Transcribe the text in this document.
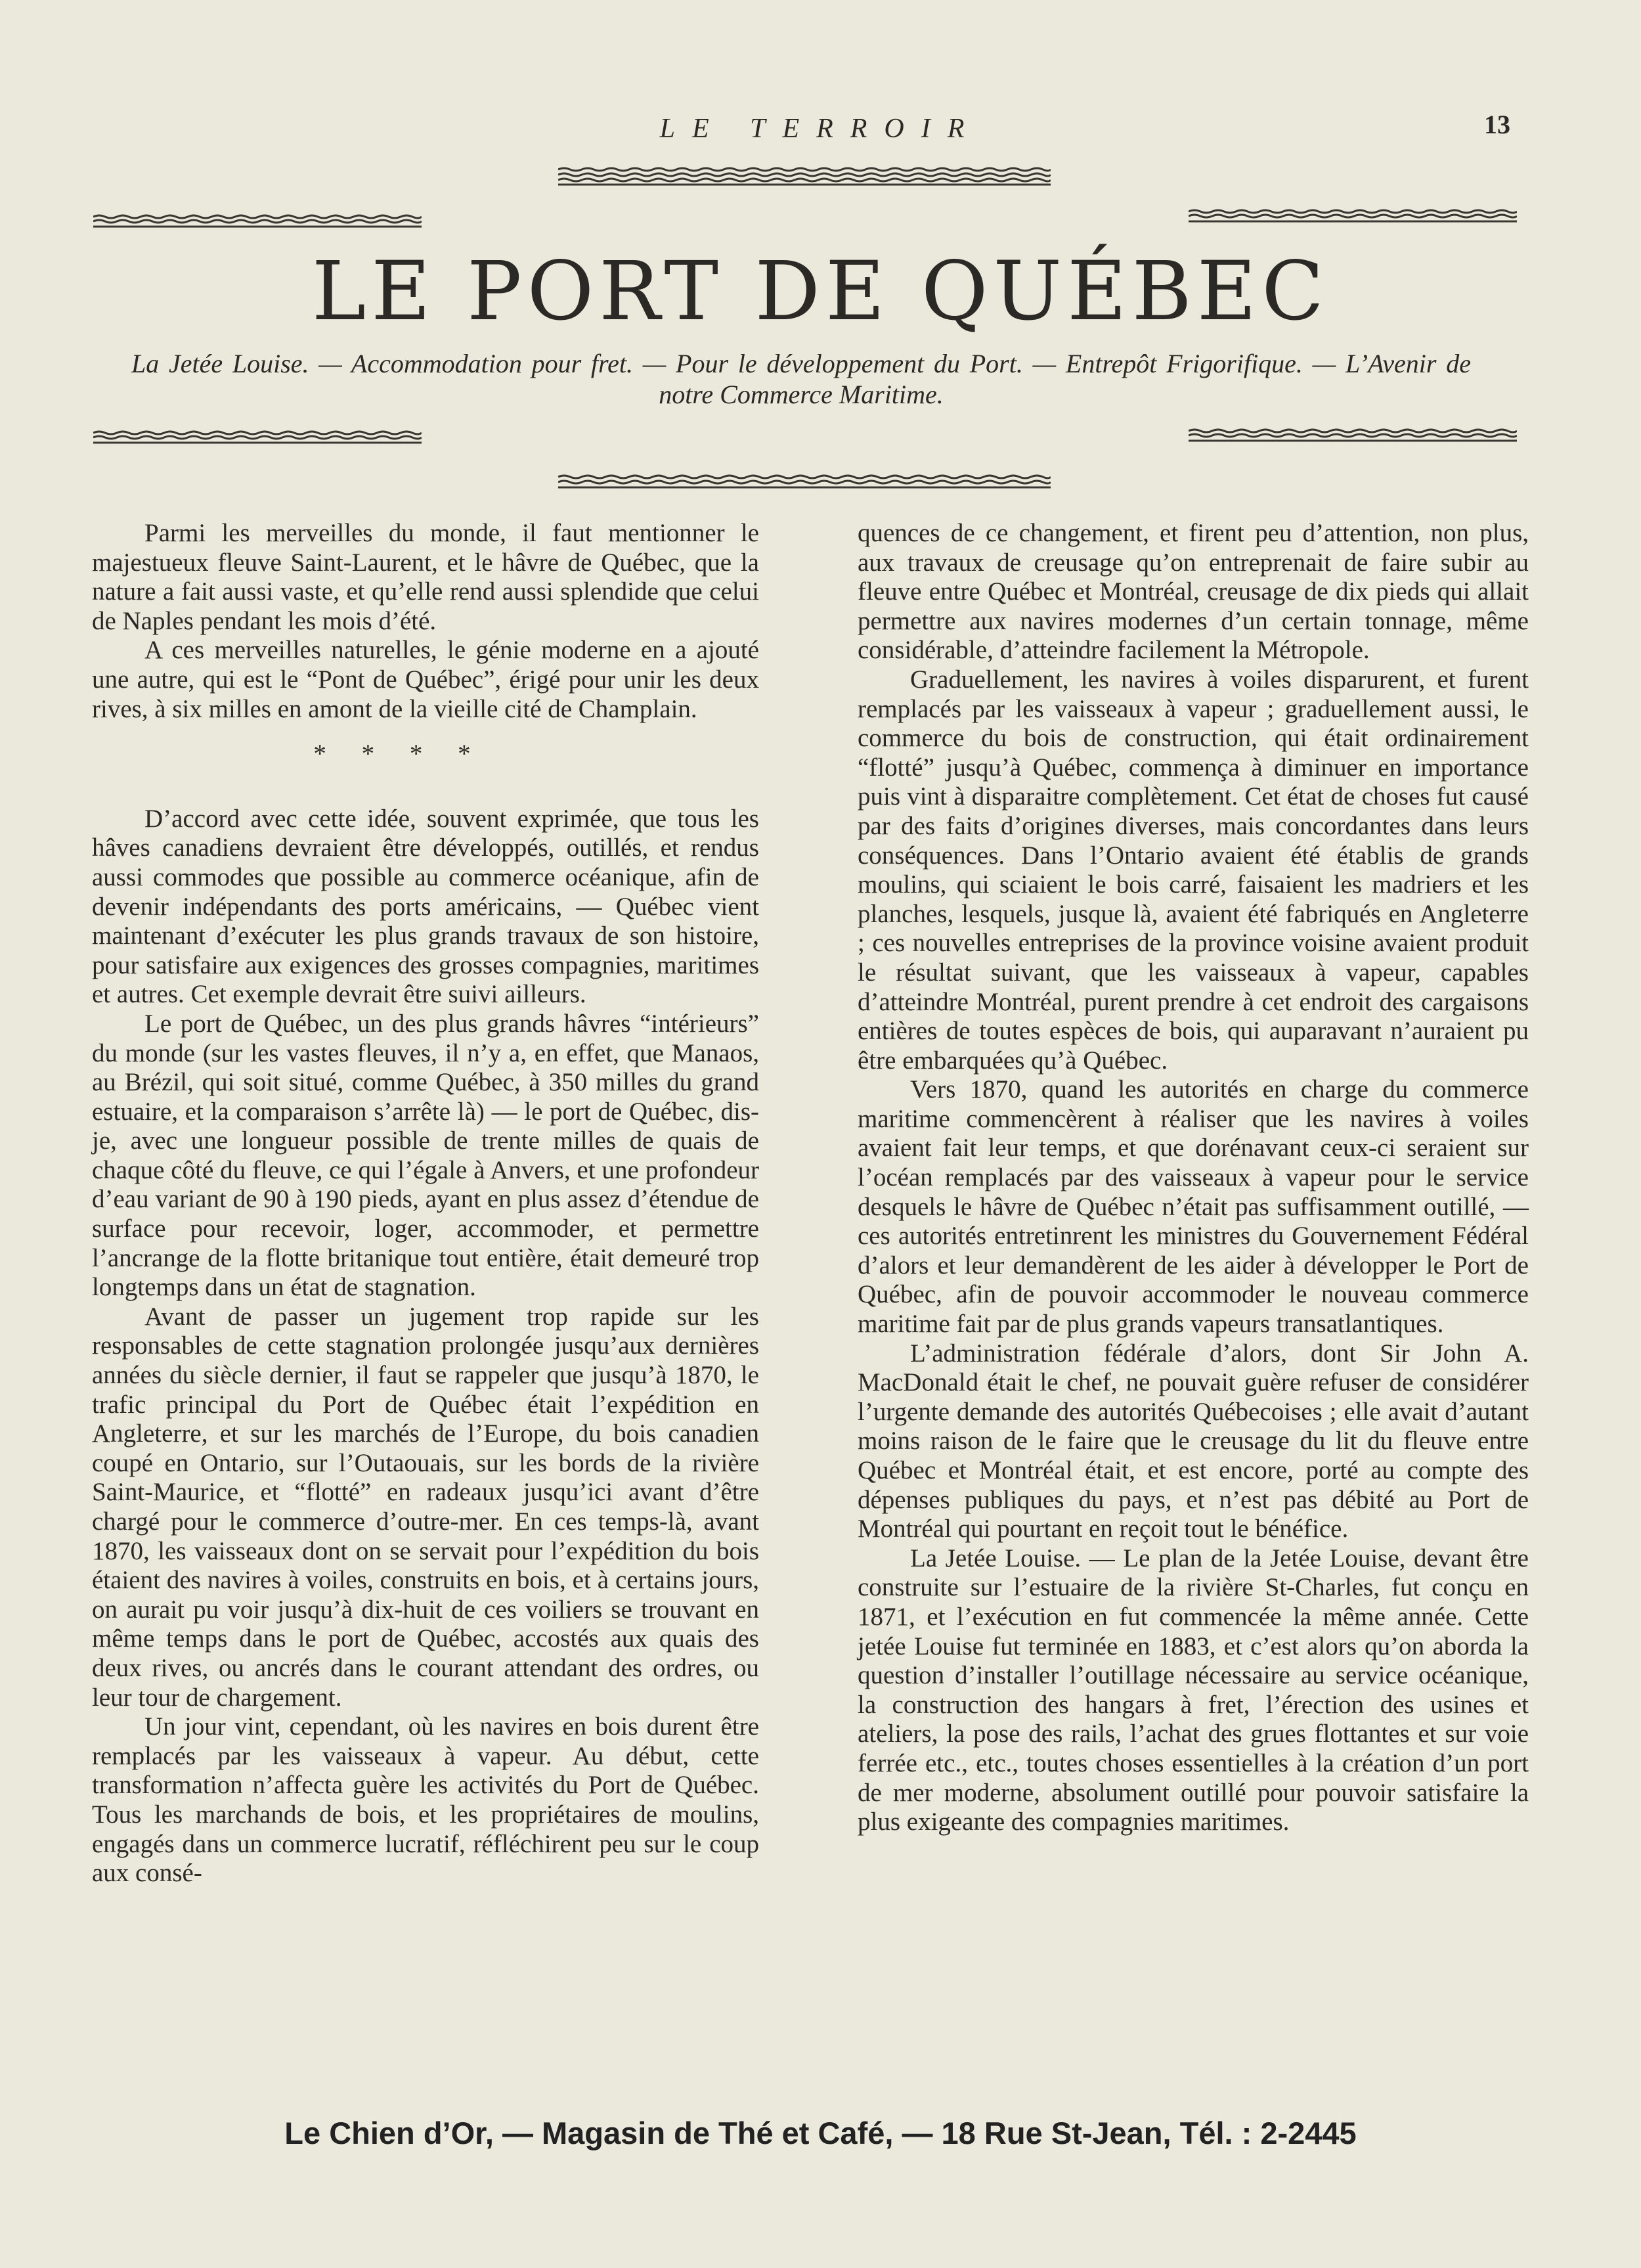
LE TERROIR	13
LE PORT DE QUÉBEC
La Jetée Louise. — Accommodation pour fret. — Pour le développement du Port. — Entrepôt Frigorifique. — L’Avenir de notre Commerce Maritime.

Parmi les merveilles du monde, il faut mentionner le majestueux fleuve Saint-Laurent, et le hâvre de Québec, que la nature a fait aussi vaste, et qu’elle rend aussi splendide que celui de Naples pendant les mois d’été.

A ces merveilles naturelles, le génie moderne en a ajouté une autre, qui est le “Pont de Québec”, érigé pour unir les deux rives, à six milles en amont de la vieille cité de Champlain.

* * * *

D’accord avec cette idée, souvent exprimée, que tous les hâves canadiens devraient être développés, outillés, et rendus aussi commodes que possible au commerce océanique, afin de devenir indépendants des ports américains, — Québec vient maintenant d’exécuter les plus grands travaux de son histoire, pour satisfaire aux exigences des grosses compagnies, maritimes et autres. Cet exemple devrait être suivi ailleurs.

Le port de Québec, un des plus grands hâvres “intérieurs” du monde (sur les vastes fleuves, il n’y a, en effet, que Manaos, au Brézil, qui soit situé, comme Québec, à 350 milles du grand estuaire, et la comparaison s’arrête là) — le port de Québec, dis-je, avec une longueur possible de trente milles de quais de chaque côté du fleuve, ce qui l’égale à Anvers, et une profondeur d’eau variant de 90 à 190 pieds, ayant en plus assez d’étendue de surface pour recevoir, loger, accommoder, et permettre l’ancrange de la flotte britanique tout entière, était demeuré trop longtemps dans un état de stagnation.

Avant de passer un jugement trop rapide sur les responsables de cette stagnation prolongée jusqu’aux dernières années du siècle dernier, il faut se rappeler que jusqu’à 1870, le trafic principal du Port de Québec était l’expédition en Angleterre, et sur les marchés de l’Europe, du bois canadien coupé en Ontario, sur l’Outaouais, sur les bords de la rivière Saint-Maurice, et “flotté” en radeaux jusqu’ici avant d’être chargé pour le commerce d’outre-mer. En ces temps-là, avant 1870, les vaisseaux dont on se servait pour l’expédition du bois étaient des navires à voiles, construits en bois, et à certains jours, on aurait pu voir jusqu’à dix-huit de ces voiliers se trouvant en même temps dans le port de Québec, accostés aux quais des deux rives, ou ancrés dans le courant attendant des ordres, ou leur tour de chargement.

Un jour vint, cependant, où les navires en bois durent être remplacés par les vaisseaux à vapeur. Au début, cette transformation n’affecta guère les activités du Port de Québec. Tous les marchands de bois, et les propriétaires de moulins, engagés dans un commerce lucratif, réfléchirent peu sur le coup aux consé-

quences de ce changement, et firent peu d’attention, non plus, aux travaux de creusage qu’on entreprenait de faire subir au fleuve entre Québec et Montréal, creusage de dix pieds qui allait permettre aux navires modernes d’un certain tonnage, même considérable, d’atteindre facilement la Métropole.

Graduellement, les navires à voiles disparurent, et furent remplacés par les vaisseaux à vapeur ; graduellement aussi, le commerce du bois de construction, qui était ordinairement “flotté” jusqu’à Québec, commença à diminuer en importance puis vint à disparaitre complètement. Cet état de choses fut causé par des faits d’origines diverses, mais concordantes dans leurs conséquences. Dans l’Ontario avaient été établis de grands moulins, qui sciaient le bois carré, faisaient les madriers et les planches, lesquels, jusque là, avaient été fabriqués en Angleterre ; ces nouvelles entreprises de la province voisine avaient produit le résultat suivant, que les vaisseaux à vapeur, capables d’atteindre Montréal, purent prendre à cet endroit des cargaisons entières de toutes espèces de bois, qui auparavant n’auraient pu être embarquées qu’à Québec.

Vers 1870, quand les autorités en charge du commerce maritime commencèrent à réaliser que les navires à voiles avaient fait leur temps, et que dorénavant ceux-ci seraient sur l’océan remplacés par des vaisseaux à vapeur pour le service desquels le hâvre de Québec n’était pas suffisamment outillé, — ces autorités entretinrent les ministres du Gouvernement Fédéral d’alors et leur demandèrent de les aider à développer le Port de Québec, afin de pouvoir accommoder le nouveau commerce maritime fait par de plus grands vapeurs transatlantiques.

L’administration fédérale d’alors, dont Sir John A. MacDonald était le chef, ne pouvait guère refuser de considérer l’urgente demande des autorités Québecoises ; elle avait d’autant moins raison de le faire que le creusage du lit du fleuve entre Québec et Montréal était, et est encore, porté au compte des dépenses publiques du pays, et n’est pas débité au Port de Montréal qui pourtant en reçoit tout le bénéfice.

La Jetée Louise. — Le plan de la Jetée Louise, devant être construite sur l’estuaire de la rivière St-Charles, fut conçu en 1871, et l’exécution en fut commencée la même année. Cette jetée Louise fut terminée en 1883, et c’est alors qu’on aborda la question d’installer l’outillage nécessaire au service océanique, la construction des hangars à fret, l’érection des usines et ateliers, la pose des rails, l’achat des grues flottantes et sur voie ferrée etc., etc., toutes choses essentielles à la création d’un port de mer moderne, absolument outillé pour pouvoir satisfaire la plus exigeante des compagnies maritimes.

Le Chien d’Or, — Magasin de Thé et Café, — 18 Rue St-Jean, Tél. : 2-2445
